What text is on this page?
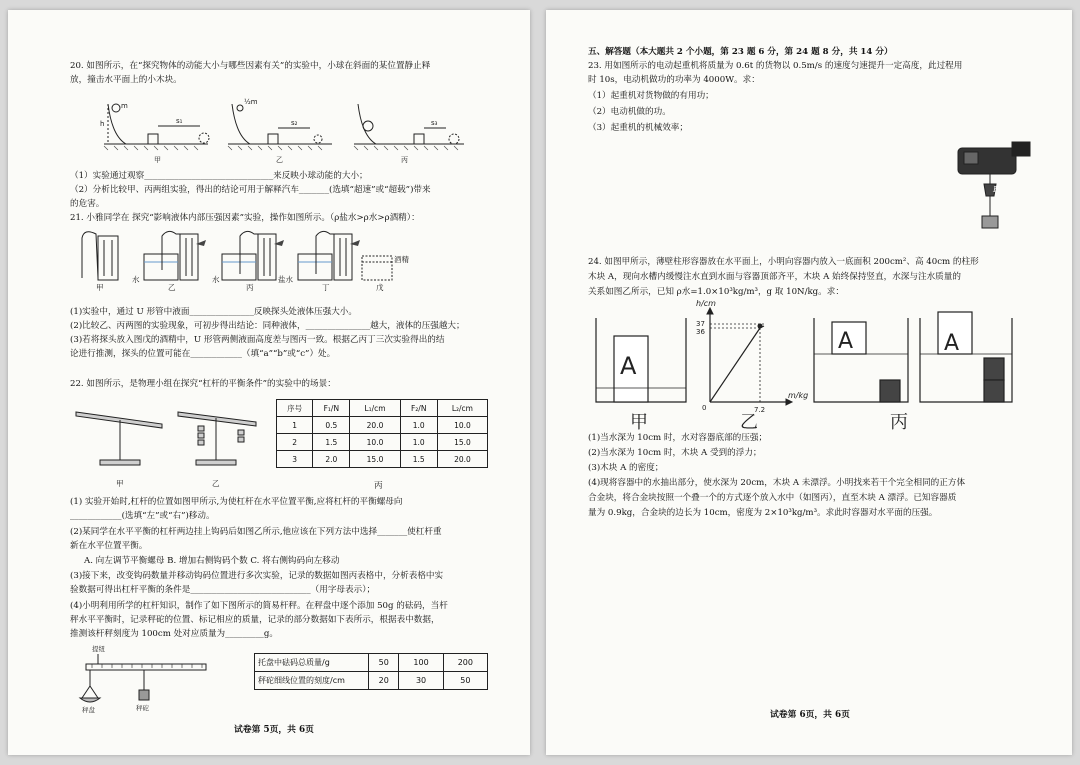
20. 如图所示，在“探究物体的动能大小与哪些因素有关”的实验中，小球在斜面的某位置静止释
放，撞击水平面上的小木块。
m
h	s₁
½m
s₂	s₃
甲	乙	丙
（1）实验通过观察______________________________来反映小球动能的大小；
（2）分析比较甲、丙两组实验，得出的结论可用于解释汽车_______(选填“超速”或“超载”)带来
的危害。
21. 小雅同学在 探究“影响液体内部压强因素”实验，操作如图所示。（ρ盐水>ρ水>ρ酒精）：
水	水	盐水
酒精
甲	乙	丙	丁	戊
(1)实验中，通过 U 形管中液面_______________反映探头处液体压强大小。
(2)比较乙、丙两图的实验现象，可初步得出结论：同种液体，_______________越大，液体的压强越大；
(3)若将探头放入图戊的酒精中，U 形管两侧液面高度差与图丙一致。根据乙丙丁三次实验得出的结
论进行推测，探头的位置可能在____________（填“a”“b”或“c”）处。
22. 如图所示，是物理小组在探究“杠杆的平衡条件”的实验中的场景：
甲	乙
序号	F₁/N	L₁/cm	F₂/N	L₂/cm
1	0.5	20.0	1.0	10.0
2	1.5	10.0	1.0	15.0
3	2.0	15.0	1.5	20.0
丙
(1) 实验开始时,杠杆的位置如图甲所示,为使杠杆在水平位置平衡,应将杠杆的平衡螺母向
____________(选填“左”或“右”)移动。
(2)某同学在水平平衡的杠杆两边挂上钩码后如图乙所示,他应该在下列方法中选择_______使杠杆重
新在水平位置平衡。
A. 向左调节平衡螺母 B. 增加右侧钩码个数 C. 将右侧钩码向左移动
(3)接下来，改变钩码数量并移动钩码位置进行多次实验，记录的数据如图丙表格中，分析表格中实
验数据可得出杠杆平衡的条件是____________________________（用字母表示）；
(4)小明利用所学的杠杆知识，制作了如下图所示的简易杆秤。在秤盘中逐个添加 50g 的砝码，当杆
秤水平平衡时，记录秤砣的位置、标记相应的质量，记录的部分数据如下表所示，根据表中数据，
推测该杆秤刻度为 100cm 处对应质量为_________g。
提纽
秤盘	秤砣
托盘中砝码总质量/g	50	100	200
秤砣细线位置的刻度/cm	20	30	50
试卷第 5页，共 6页
五、解答题（本大题共 2 个小题，第 23 题 6 分，第 24 题 8 分，共 14 分）
23. 用如图所示的电动起重机将质量为 0.6t 的货物以 0.5m/s 的速度匀速提升一定高度，此过程用
时 10s，电动机做功的功率为 4000W。求：
（1）起重机对货物做的有用功；
（2）电动机做的功。
（3）起重机的机械效率；
F
24. 如图甲所示，薄壁柱形容器放在水平面上，小明向容器内放入一底面积 200cm²、高 40cm 的柱形
木块 A，现向水槽内缓慢注水直到水面与容器顶部齐平，木块 A 始终保持竖直，水深与注水质量的
关系如图乙所示，已知 ρ水=1.0×10³kg/m³，g 取 10N/kg。求：
A
A	A
h/cm
m/kg
37
36
7.2
0
甲	乙	丙
(1)当水深为 10cm 时，水对容器底部的压强；
(2)当水深为 10cm 时，木块 A 受到的浮力；
(3)木块 A 的密度；
(4)现将容器中的水抽出部分，使水深为 20cm，木块 A 未漂浮。小明找来若干个完全相同的正方体
合金块，将合金块按照一个叠一个的方式逐个放入水中（如图丙），直至木块 A 漂浮。已知容器质
量为 0.9kg，合金块的边长为 10cm，密度为 2×10³kg/m³。求此时容器对水平面的压强。
试卷第 6页，共 6页
